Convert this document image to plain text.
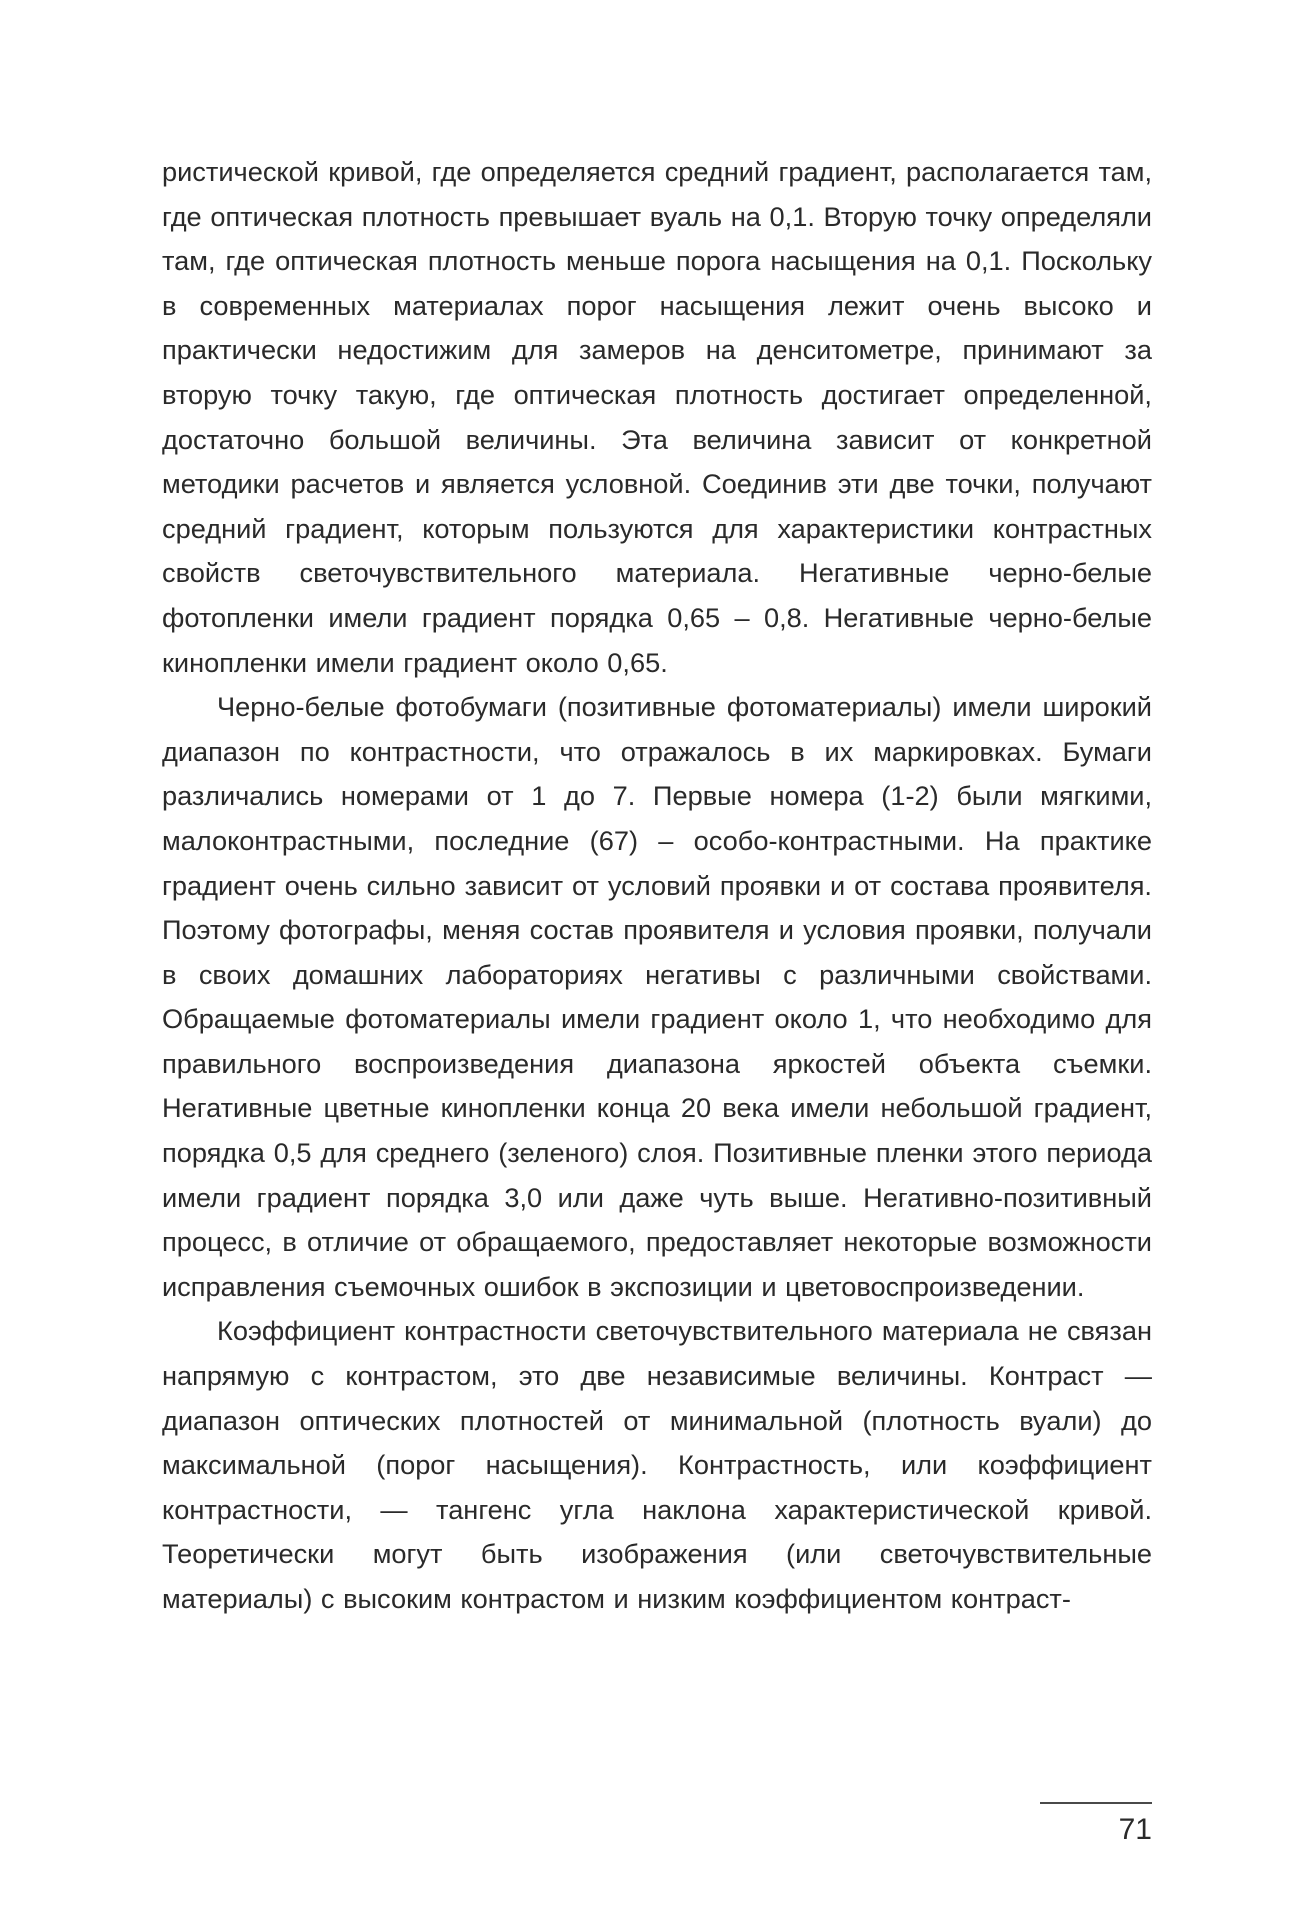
ристической кривой, где определяется средний градиент, располагается там, где оптическая плотность превышает вуаль на 0,1. Вторую точку определяли там, где оптическая плотность меньше порога насыщения на 0,1. Поскольку в современных материалах порог насыщения лежит очень высоко и практически недостижим для замеров на денситометре, принимают за вторую точку такую, где оптическая плотность достигает определенной, достаточно большой величины. Эта величина зависит от конкретной методики расчетов и является условной. Соединив эти две точки, получают средний градиент, которым пользуются для характеристики контрастных свойств светочувствительного материала. Негативные черно-белые фотопленки имели градиент порядка 0,65 – 0,8. Негативные черно-белые кинопленки имели градиент около 0,65.

Черно-белые фотобумаги (позитивные фотоматериалы) имели широкий диапазон по контрастности, что отражалось в их маркировках. Бумаги различались номерами от 1 до 7. Первые номера (1-2) были мягкими, малоконтрастными, последние (67) – особо-контрастными. На практике градиент очень сильно зависит от условий проявки и от состава проявителя. Поэтому фотографы, меняя состав проявителя и условия проявки, получали в своих домашних лабораториях негативы с различными свойствами. Обращаемые фотоматериалы имели градиент около 1, что необходимо для правильного воспроизведения диапазона яркостей объекта съемки. Негативные цветные кинопленки конца 20 века имели небольшой градиент, порядка 0,5 для среднего (зеленого) слоя. Позитивные пленки этого периода имели градиент порядка 3,0 или даже чуть выше. Негативно-позитивный процесс, в отличие от обращаемого, предоставляет некоторые возможности исправления съемочных ошибок в экспозиции и цветовоспроизведении.

Коэффициент контрастности светочувствительного материала не связан напрямую с контрастом, это две независимые величины. Контраст — диапазон оптических плотностей от минимальной (плотность вуали) до максимальной (порог насыщения). Контрастность, или коэффициент контрастности, — тангенс угла наклона характеристической кривой. Теоретически могут быть изображения (или светочувствительные материалы) с высоким контрастом и низким коэффициентом контраст-

71
